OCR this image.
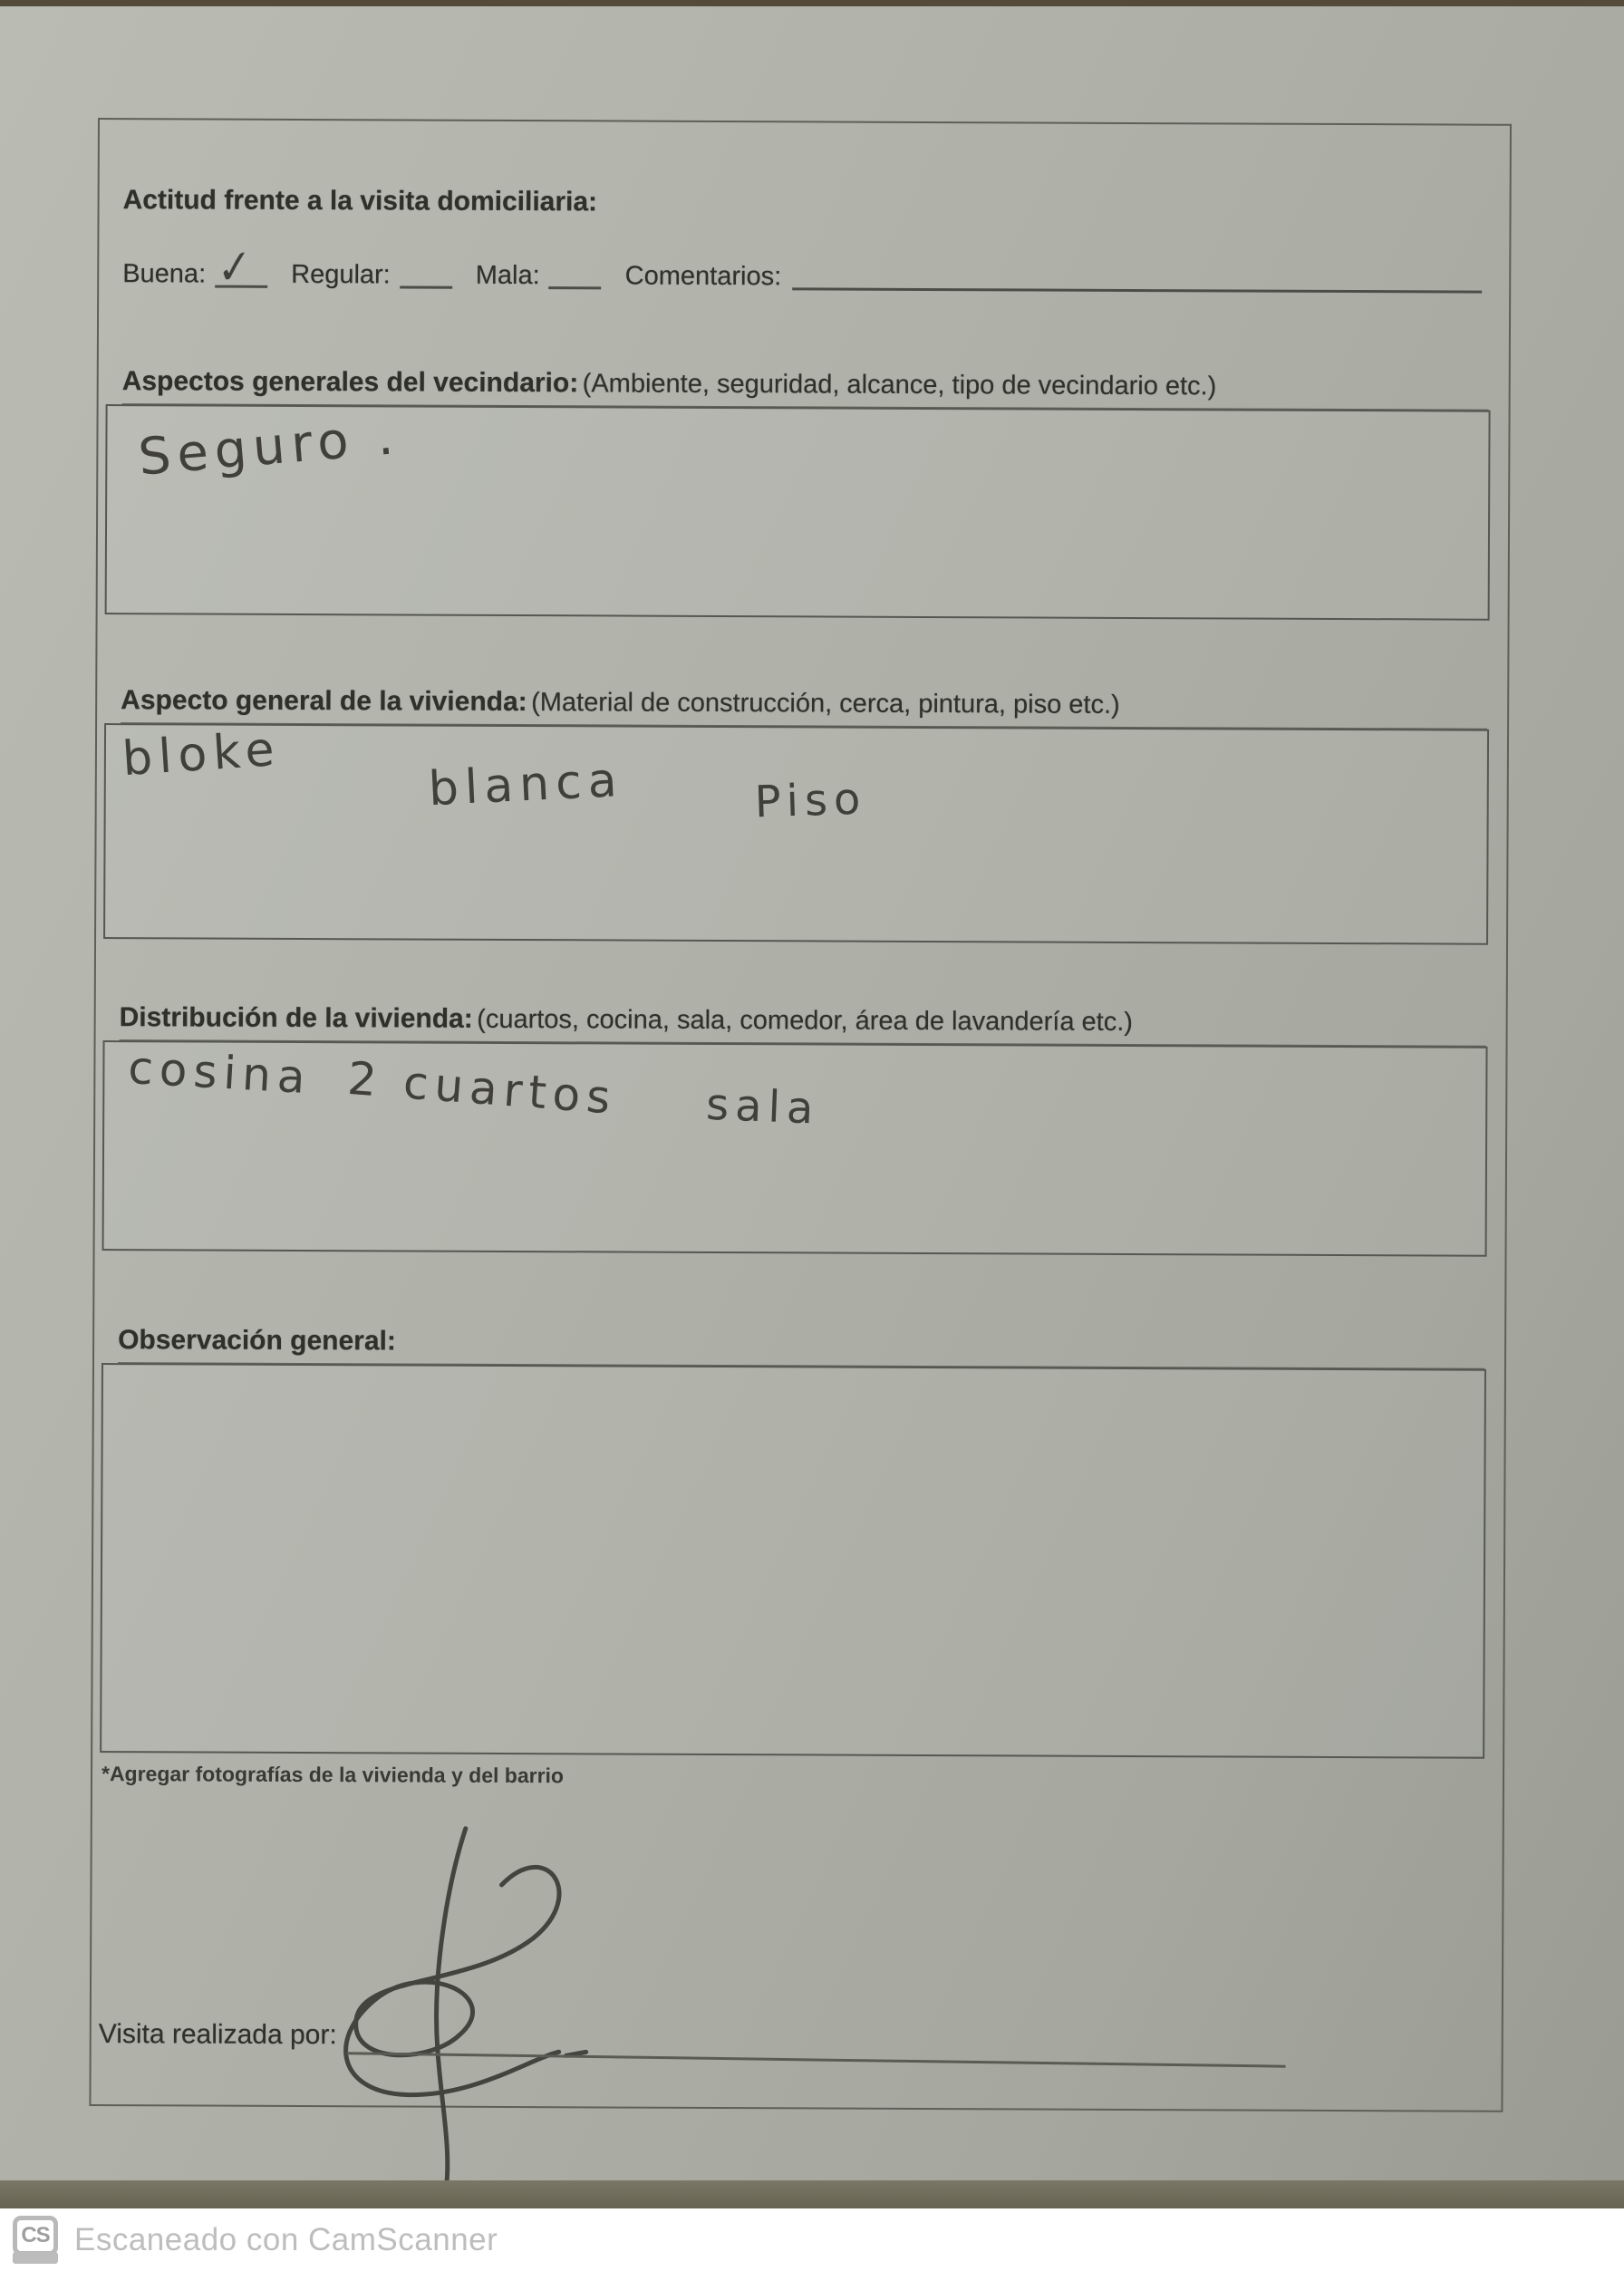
Actitud frente a la visita domiciliaria:
Buena: ✓ Regular:	Mala:	Comentarios:
Aspectos generales del vecindario: (Ambiente, seguridad, alcance, tipo de vecindario etc.)
Seguro .
Aspecto general de la vivienda: (Material de construcción, cerca, pintura, piso etc.)
bloke	blanca	Piso
Distribución de la vivienda: (cuartos, cocina, sala, comedor, área de lavandería etc.)
cosina 2 cuartos sala
Observación general:
*Agregar fotografías de la vivienda y del barrio
Visita realizada por:
CS Escaneado con CamScanner
